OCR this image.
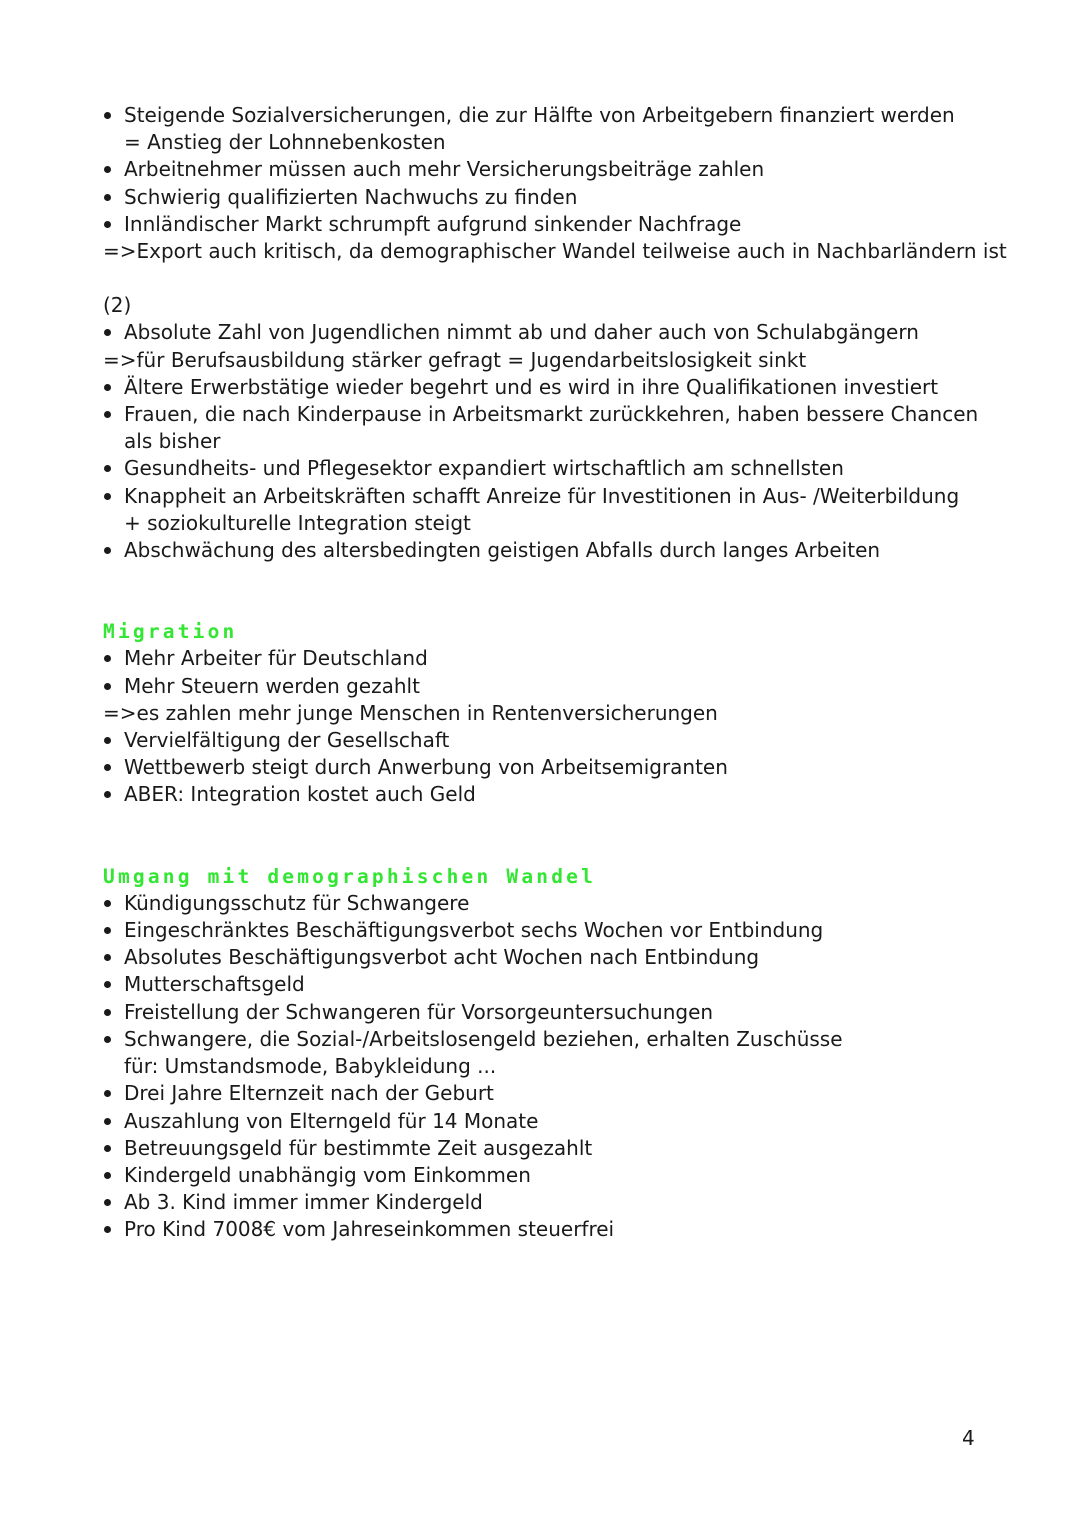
Steigende Sozialversicherungen, die zur Hälfte von Arbeitgebern finanziert werden
= Anstieg der Lohnnebenkosten
Arbeitnehmer müssen auch mehr Versicherungsbeiträge zahlen
Schwierig qualifizierten Nachwuchs zu finden
Innländischer Markt schrumpft aufgrund sinkender Nachfrage
=>Export auch kritisch, da demographischer Wandel teilweise auch in Nachbarländern ist
(2)
Absolute Zahl von Jugendlichen nimmt ab und daher auch von Schulabgängern
=>für Berufsausbildung stärker gefragt = Jugendarbeitslosigkeit sinkt
Ältere Erwerbstätige wieder begehrt und es wird in ihre Qualifikationen investiert
Frauen, die nach Kinderpause in Arbeitsmarkt zurückkehren, haben bessere Chancen als bisher
Gesundheits- und Pflegesektor expandiert wirtschaftlich am schnellsten
Knappheit an Arbeitskräften schafft Anreize für Investitionen in Aus- /Weiterbildung + soziokulturelle Integration steigt
Abschwächung des altersbedingten geistigen Abfalls durch langes Arbeiten
Migration
Mehr Arbeiter für Deutschland
Mehr Steuern werden gezahlt
=>es zahlen mehr junge Menschen in Rentenversicherungen
Vervielfältigung der Gesellschaft
Wettbewerb steigt durch Anwerbung von Arbeitsemigranten
ABER: Integration kostet auch Geld
Umgang mit demographischen Wandel
Kündigungsschutz für Schwangere
Eingeschränktes Beschäftigungsverbot sechs Wochen vor Entbindung
Absolutes Beschäftigungsverbot acht Wochen nach Entbindung
Mutterschaftsgeld
Freistellung der Schwangeren für Vorsorgeuntersuchungen
Schwangere, die Sozial-/Arbeitslosengeld beziehen, erhalten Zuschüsse für: Umstandsmode, Babykleidung ...
Drei Jahre Elternzeit nach der Geburt
Auszahlung von Elterngeld für 14 Monate
Betreuungsgeld für bestimmte Zeit ausgezahlt
Kindergeld unabhängig vom Einkommen
Ab 3. Kind immer immer Kindergeld
Pro Kind 7008€ vom Jahreseinkommen steuerfrei
4
